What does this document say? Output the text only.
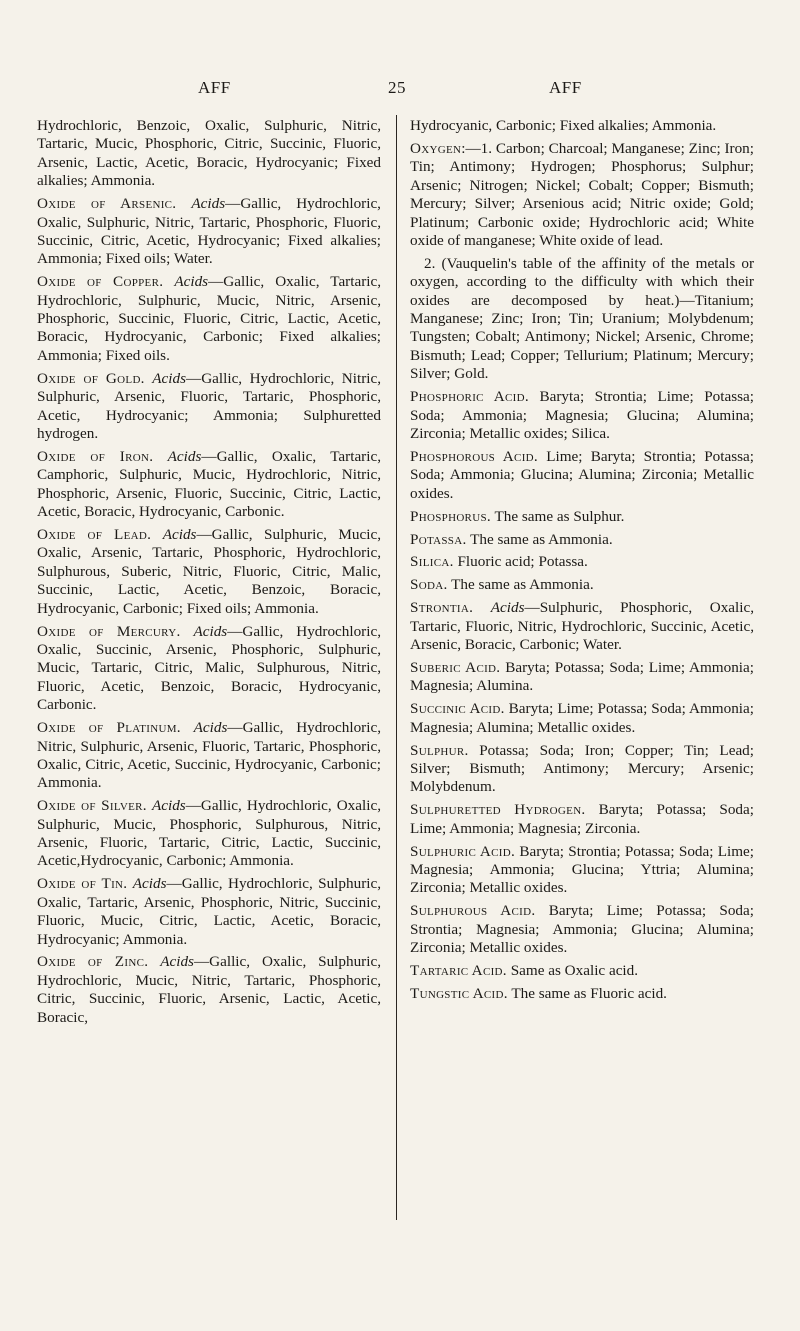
AFF	25	AFF

Hydrochloric, Benzoic, Oxalic, Sulphuric, Nitric, Tartaric, Mucic, Phosphoric, Citric, Succinic, Fluoric, Arsenic, Lactic, Acetic, Boracic, Hydrocyanic; Fixed alkalies; Ammonia.

Oxide of Arsenic. Acids—Gallic, Hydrochloric, Oxalic, Sulphuric, Nitric, Tartaric, Phosphoric, Fluoric, Succinic, Citric, Acetic, Hydrocyanic; Fixed alkalies; Ammonia; Fixed oils; Water.

Oxide of Copper. Acids—Gallic, Oxalic, Tartaric, Hydrochloric, Sulphuric, Mucic, Nitric, Arsenic, Phosphoric, Succinic, Fluoric, Citric, Lactic, Acetic, Boracic, Hydrocyanic, Carbonic; Fixed alkalies; Ammonia; Fixed oils.

Oxide of Gold. Acids—Gallic, Hydrochloric, Nitric, Sulphuric, Arsenic, Fluoric, Tartaric, Phosphoric, Acetic, Hydrocyanic; Ammonia; Sulphuretted hydrogen.

Oxide of Iron. Acids—Gallic, Oxalic, Tartaric, Camphoric, Sulphuric, Mucic, Hydrochloric, Nitric, Phosphoric, Arsenic, Fluoric, Succinic, Citric, Lactic, Acetic, Boracic, Hydrocyanic, Carbonic.

Oxide of Lead. Acids—Gallic, Sulphuric, Mucic, Oxalic, Arsenic, Tartaric, Phosphoric, Hydrochloric, Sulphurous, Suberic, Nitric, Fluoric, Citric, Malic, Succinic, Lactic, Acetic, Benzoic, Boracic, Hydrocyanic, Carbonic; Fixed oils; Ammonia.

Oxide of Mercury. Acids—Gallic, Hydrochloric, Oxalic, Succinic, Arsenic, Phosphoric, Sulphuric, Mucic, Tartaric, Citric, Malic, Sulphurous, Nitric, Fluoric, Acetic, Benzoic, Boracic, Hydrocyanic, Carbonic.

Oxide of Platinum. Acids—Gallic, Hydrochloric, Nitric, Sulphuric, Arsenic, Fluoric, Tartaric, Phosphoric, Oxalic, Citric, Acetic, Succinic, Hydrocyanic, Carbonic; Ammonia.

Oxide of Silver. Acids—Gallic, Hydrochloric, Oxalic, Sulphuric, Mucic, Phosphoric, Sulphurous, Nitric, Arsenic, Fluoric, Tartaric, Citric, Lactic, Succinic, Acetic,Hydrocyanic, Carbonic; Ammonia.

Oxide of Tin. Acids—Gallic, Hydrochloric, Sulphuric, Oxalic, Tartaric, Arsenic, Phosphoric, Nitric, Succinic, Fluoric, Mucic, Citric, Lactic, Acetic, Boracic, Hydrocyanic; Ammonia.

Oxide of Zinc. Acids—Gallic, Oxalic, Sulphuric, Hydrochloric, Mucic, Nitric, Tartaric, Phosphoric, Citric, Succinic, Fluoric, Arsenic, Lactic, Acetic, Boracic,

Hydrocyanic, Carbonic; Fixed alkalies; Ammonia.

Oxygen:—1. Carbon; Charcoal; Manganese; Zinc; Iron; Tin; Antimony; Hydrogen; Phosphorus; Sulphur; Arsenic; Nitrogen; Nickel; Cobalt; Copper; Bismuth; Mercury; Silver; Arsenious acid; Nitric oxide; Gold; Platinum; Carbonic oxide; Hydrochloric acid; White oxide of manganese; White oxide of lead.

2. (Vauquelin's table of the affinity of the metals or oxygen, according to the difficulty with which their oxides are decomposed by heat.)—Titanium; Manganese; Zinc; Iron; Tin; Uranium; Molybdenum; Tungsten; Cobalt; Antimony; Nickel; Arsenic, Chrome; Bismuth; Lead; Copper; Tellurium; Platinum; Mercury; Silver; Gold.

Phosphoric Acid. Baryta; Strontia; Lime; Potassa; Soda; Ammonia; Magnesia; Glucina; Alumina; Zirconia; Metallic oxides; Silica.

Phosphorous Acid. Lime; Baryta; Strontia; Potassa; Soda; Ammonia; Glucina; Alumina; Zirconia; Metallic oxides.

Phosphorus. The same as Sulphur.

Potassa. The same as Ammonia.

Silica. Fluoric acid; Potassa.

Soda. The same as Ammonia.

Strontia. Acids—Sulphuric, Phosphoric, Oxalic, Tartaric, Fluoric, Nitric, Hydrochloric, Succinic, Acetic, Arsenic, Boracic, Carbonic; Water.

Suberic Acid. Baryta; Potassa; Soda; Lime; Ammonia; Magnesia; Alumina.

Succinic Acid. Baryta; Lime; Potassa; Soda; Ammonia; Magnesia; Alumina; Metallic oxides.

Sulphur. Potassa; Soda; Iron; Copper; Tin; Lead; Silver; Bismuth; Antimony; Mercury; Arsenic; Molybdenum.

Sulphuretted Hydrogen. Baryta; Potassa; Soda; Lime; Ammonia; Magnesia; Zirconia.

Sulphuric Acid. Baryta; Strontia; Potassa; Soda; Lime; Magnesia; Ammonia; Glucina; Yttria; Alumina; Zirconia; Metallic oxides.

Sulphurous Acid. Baryta; Lime; Potassa; Soda; Strontia; Magnesia; Ammonia; Glucina; Alumina; Zirconia; Metallic oxides.

Tartaric Acid. Same as Oxalic acid.

Tungstic Acid. The same as Fluoric acid.
